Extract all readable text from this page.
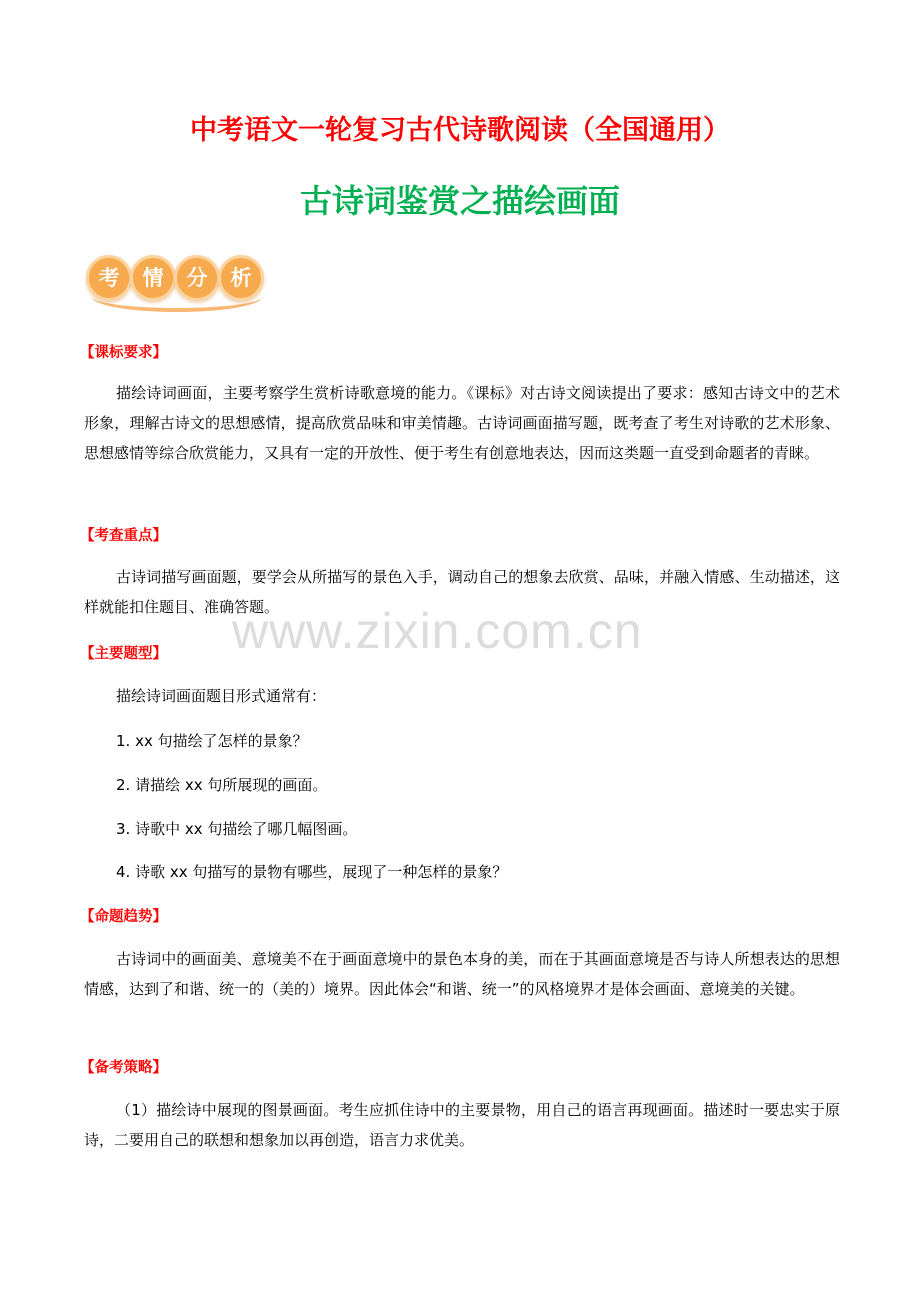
中考语文一轮复习古代诗歌阅读（全国通用）
古诗词鉴赏之描绘画面
考	情	分	析
【课标要求】
描绘诗词画面，主要考察学生赏析诗歌意境的能力。《课标》对古诗文阅读提出了要求：感知古诗文中的艺术形象，理解古诗文的思想感情，提高欣赏品味和审美情趣。古诗词画面描写题，既考查了考生对诗歌的艺术形象、思想感情等综合欣赏能力，又具有一定的开放性、便于考生有创意地表达，因而这类题一直受到命题者的青睐。
【考查重点】
古诗词描写画面题，要学会从所描写的景色入手，调动自己的想象去欣赏、品味，并融入情感、生动描述，这样就能扣住题目、准确答题。
www.zixin.com.cn
【主要题型】
描绘诗词画面题目形式通常有：
1. xx 句描绘了怎样的景象？
2. 请描绘 xx 句所展现的画面。
3. 诗歌中 xx 句描绘了哪几幅图画。
4. 诗歌 xx 句描写的景物有哪些，展现了一种怎样的景象？
【命题趋势】
古诗词中的画面美、意境美不在于画面意境中的景色本身的美，而在于其画面意境是否与诗人所想表达的思想情感，达到了和谐、统一的（美的）境界。因此体会“和谐、统一”的风格境界才是体会画面、意境美的关键。
【备考策略】
（1）描绘诗中展现的图景画面。考生应抓住诗中的主要景物，用自己的语言再现画面。描述时一要忠实于原诗，二要用自己的联想和想象加以再创造，语言力求优美。
